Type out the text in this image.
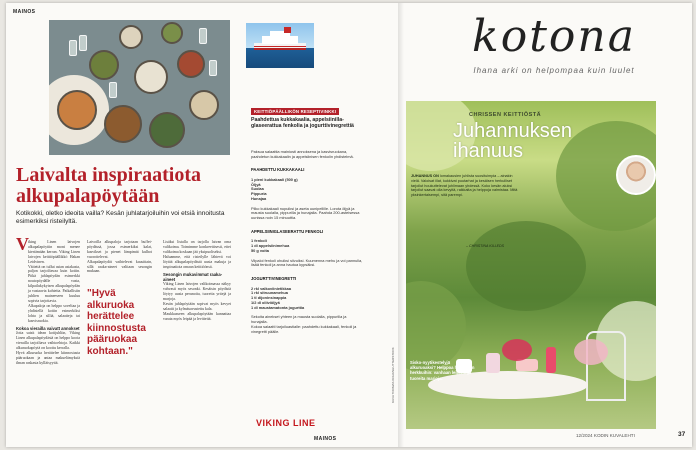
MAINOS
Laivalta inspiraatiota alkupalapöytään
Kotikokki, oletko ideoita vailla? Kesän juhlatarjoiluihin voi etsiä innoitusta esimerkiksi risteilyltä.
V iking Linen laivojen alkupalapöytiin moni menee kiertämään kerran. Viking Linen laivojen keittiöpäällikkö Hakan Leidvinen.
Väitettä on tullut asian asiakasta, paljon tarjoiltavaa kuin kotiin. Pitkä juhlapöydän esimerkki noutopöydälle vasta, kilpailukykyisen alkupalapöydän ja vastaavia kohteita. Paikallisiin juhlien maineeseen kuuluu sopivia tarjottavia.
Alkupaloja on helppo soveltaa ja yhdistellä kotiin esimerkiksi lohta ja silliä, salaatteja tai kasvisruokia.
Kokoa vierailla vaivatt annokset
Jotta saisit idean kotijuhliin, Viking Linen alkupalapöydästä on helppo koota vierailla tarjoiltava vaihtoehtoja. Kaikki alkuruokapöytä on koottu kerralla.
Hyvä alkuruoka herättelee kiinnostusta pääruokaan ja antaa makuelämyksiä ilman raskasta kylläisyyttä.
Laivoilla alkupaloja tarjotaan buffet-pöydässä, jossa esimerkiksi kalat, kasvikset ja pienet lämpimät kulhot vuorottelevat.
Alkupalapöydät vaihtelevat kausittain, sillä raaka-aineet valitaan sesongin mukaan.
"Hyvä
alkuruoka
herättelee
kiinnostusta
pääruokaa
kohtaan."
Lisäksi listalla on tarjolla laivan oma valikoima. Toimimme konkreettisesti, ettei valikoima koskaan jää yksipuoliseksi.
Haluamme, että risteilylle lähtevä voi löytää alkupalapöydästä uusia makuja ja inspiraatiota omaan keittiöönsä.
Sesongin mukavimmat raaka-aineet
Viking Linen laivojen valikoimassa näkyy vahvasti myös sesonki. Kesäisin pöydistä löytyy uusia perunoita, tuoreita yrttejä ja marjoja.
Kesän juhlapöytään sopivat myös kevyet salaatit ja kylmäsavustettu kala.
Maukkaaseen alkupalapöytään kannattaa varata myös leipää ja levitteitä.
KEITTIÖPÄÄLLIKÖN RESEPTIVINKKI
Paahdettua kukkakaalia, appelsiinilla-glaseerattua fenkolia ja jogurttivinegrettiä

Paksua salaattia mainiosti annoksena ja kasvisruokana, paahdetun kukkakaalin ja appelsiinisen fenkolin yhdistelmä.

PAAHDETTU KUKKAKAALI

1 pieni kukkakaali (500 g)
Öljyä
Suolaa
Pippuria
Hunajaa

Pilko kukkakaali nupuiksi ja aseta uunipellille. Lorota öljyä ja mausta suolalla, pippurilla ja hunajalla. Paahda 200-asteisessa uunissa noin 15 minuuttia.

APPELSIINIGLASEERATTU FENKOLI

1 fenkoli
1 dl appelsiinimehua
50 g voita

Viipaloi fenkoli ohuiksi siivuiksi. Kuumenna mehu ja voi pannulla, lisää fenkoli ja anna hautua kypsäksi.

JOGURTTIVINEGRETTI

2 rkl valkoviinietikkaa
1 rkl sitruunamehua
1 tl dijoninsinappia
1/2 dl oliiviöljyä
1 dl maustamatonta jogurttia

Sekoita ainekset yhteen ja mausta suolalla, pippurilla ja hunajalla.
Kokoa salaatti tarjoiluastialle: paahdettu kukkakaali, fenkoli ja vinegretti päälle.

VIKING LINE
MAINOS
kotona
Ihana arki on helpompaa kuin luulet
CHRISSEN KEITTIÖSTÄ
Juhannuksen ihanuus
JUHANNUS ON lomakausien juhlista suosituimpia – ainakin vielä. Valoisat illat, kukkivat puutarhat ja kesäisen herkulliset tarjoilut houkuttelevat juhlimaan yhdessä. Koko kesän aluksi tarjoilut saavat olla kevyitä, raikkaita ja helppoja valmistaa. Mitä yksinkertaisempi, sitä parempi.
– CHRISTINA KILLEDS
Sisko-nyytikestelyjä alkuruoaksi? Helppoa huomisiin herkkuihin: vanhaan leipään ja tuoreita marjoja.
KUVA TOOMAS KOLK/SHUTTERSTOCK
12/2024 KODIN KUVALEHTI	37
